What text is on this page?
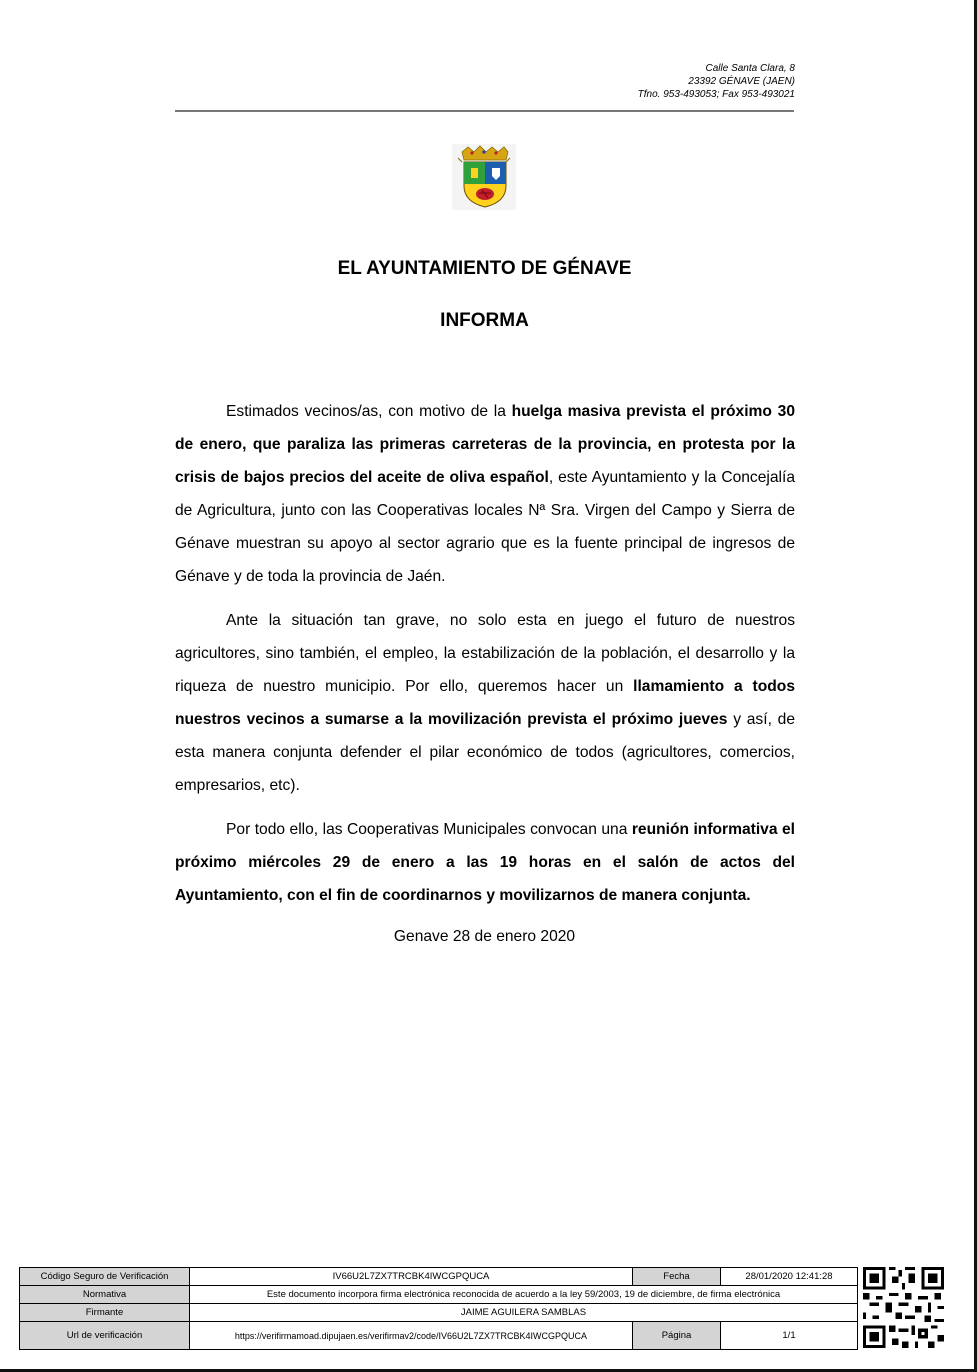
Calle Santa Clara, 8
23392 GÉNAVE (JAEN)
Tfno. 953-493053; Fax 953-493021
EL AYUNTAMIENTO DE GÉNAVE
INFORMA
Estimados vecinos/as, con motivo de la huelga masiva prevista el próximo 30 de enero, que paraliza las primeras carreteras de la provincia, en protesta por la crisis de bajos precios del aceite de oliva español, este Ayuntamiento y la Concejalía de Agricultura, junto con las Cooperativas locales Nª Sra. Virgen del Campo y Sierra de Génave muestran su apoyo al sector agrario que es la fuente principal de ingresos de Génave y de toda la provincia de Jaén.
Ante la situación tan grave, no solo esta en juego el futuro de nuestros agricultores, sino también, el empleo, la estabilización de la población, el desarrollo y la riqueza de nuestro municipio. Por ello, queremos hacer un llamamiento a todos nuestros vecinos a sumarse a la movilización prevista el próximo jueves y así, de esta manera conjunta defender el pilar económico de todos (agricultores, comercios, empresarios, etc).
Por todo ello, las Cooperativas Municipales convocan una reunión informativa el próximo miércoles 29 de enero a las 19 horas en el salón de actos del Ayuntamiento, con el fin de coordinarnos y movilizarnos de manera conjunta.
Genave 28 de enero 2020
Código Seguro de Verificación	IV66U2L7ZX7TRCBK4IWCGPQUCA	Fecha	28/01/2020 12:41:28
Normativa	Este documento incorpora firma electrónica reconocida de acuerdo a la ley 59/2003, 19 de diciembre, de firma electrónica		
Firmante	JAIME AGUILERA SAMBLAS		
Url de verificación	https://verifirmamoad.dipujaen.es/verifirmav2/code/IV66U2L7ZX7TRCBK4IWCGPQUCA	Página	1/1
